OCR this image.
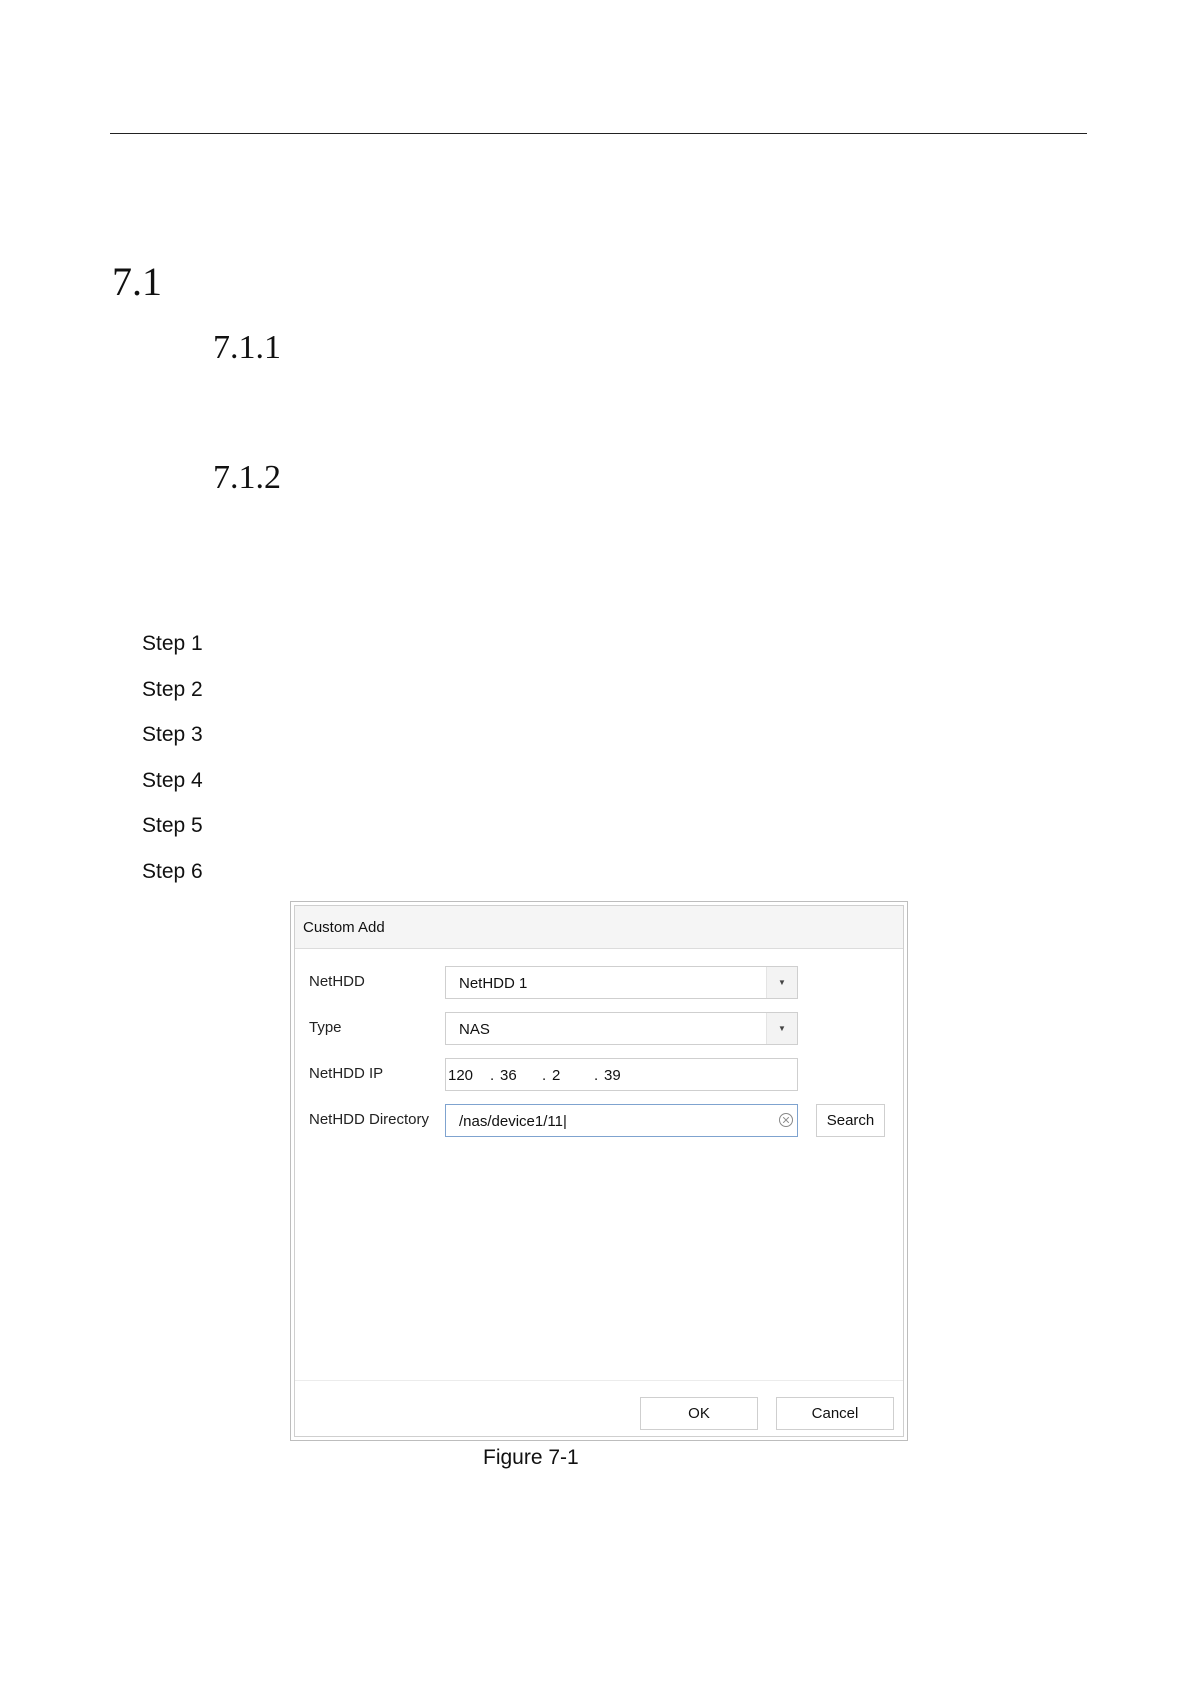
7.1
7.1.1
7.1.2
Step 1
Step 2
Step 3
Step 4
Step 5
Step 6
Custom Add
NetHDD	NetHDD 1	▼
Type	NAS	▼
NetHDD IP	120 . 36 . 2 . 39
NetHDD Directory /nas/device1/11|	Search
OK	Cancel
Figure 7-1
